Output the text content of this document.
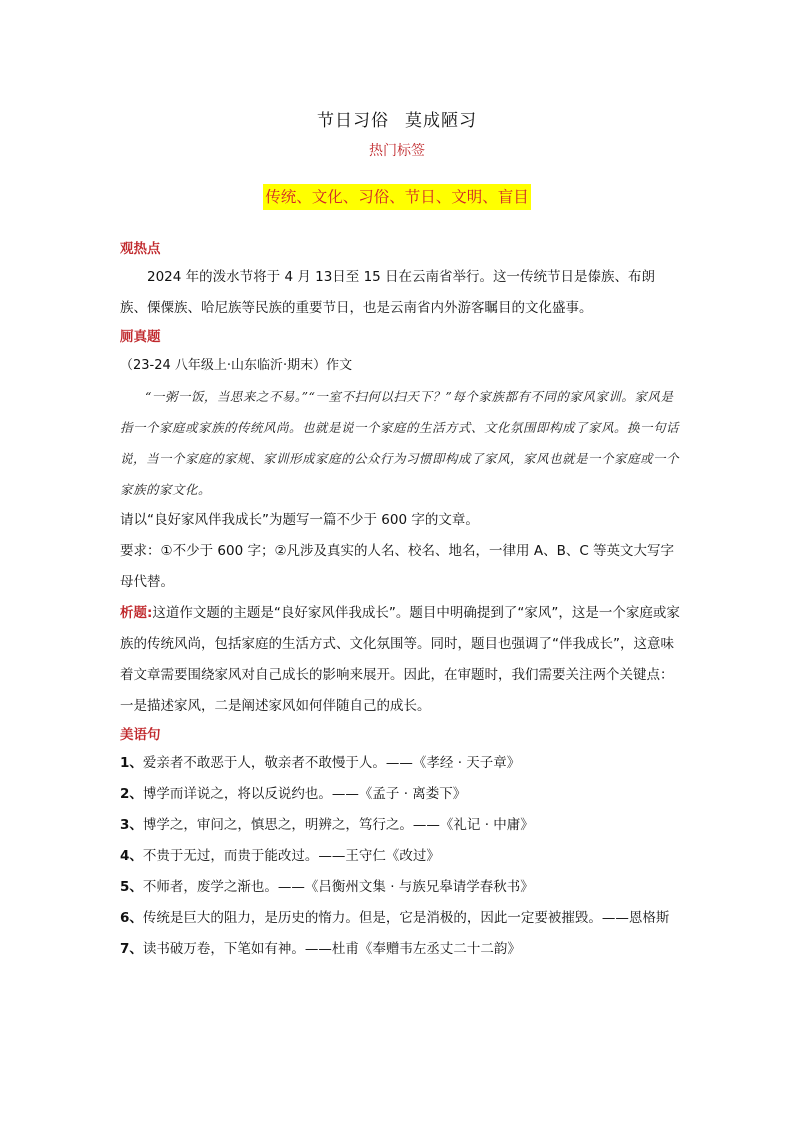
节日习俗 莫成陋习
热门标签
传统、文化、习俗、节日、文明、盲目
观热点

2024 年的泼水节将于 4 月 13日至 15 日在云南省举行。这一传统节日是傣族、布朗族、傈僳族、哈尼族等民族的重要节日，也是云南省内外游客瞩目的文化盛事。

厕真题

（23-24 八年级上·山东临沂·期末）作文

“一粥一饭，当思来之不易。”“一室不扫何以扫天下？”每个家族都有不同的家风家训。家风是指一个家庭或家族的传统风尚。也就是说一个家庭的生活方式、文化氛围即构成了家风。换一句话说，当一个家庭的家规、家训形成家庭的公众行为习惯即构成了家风，家风也就是一个家庭或一个家族的家文化。

请以“良好家风伴我成长”为题写一篇不少于 600 字的文章。

要求：①不少于 600 字；②凡涉及真实的人名、校名、地名，一律用 A、B、C 等英文大写字母代替。

析题:这道作文题的主题是“良好家风伴我成长”。题目中明确提到了“家风”，这是一个家庭或家族的传统风尚，包括家庭的生活方式、文化氛围等。同时，题目也强调了“伴我成长”，这意味着文章需要围绕家风对自己成长的影响来展开。因此，在审题时，我们需要关注两个关键点：一是描述家风，二是阐述家风如何伴随自己的成长。

美语句

1、爱亲者不敢恶于人，敬亲者不敢慢于人。——《孝经 · 天子章》

2、博学而详说之，将以反说约也。——《孟子 · 离娄下》

3、博学之，审问之，慎思之，明辨之，笃行之。——《礼记 · 中庸》

4、不贵于无过，而贵于能改过。——王守仁《改过》

5、不师者，废学之渐也。——《吕衡州文集 · 与族兄皋请学春秋书》

6、传统是巨大的阻力，是历史的惰力。但是，它是消极的，因此一定要被摧毁。——恩格斯

7、读书破万卷，下笔如有神。——杜甫《奉赠韦左丞丈二十二韵》
